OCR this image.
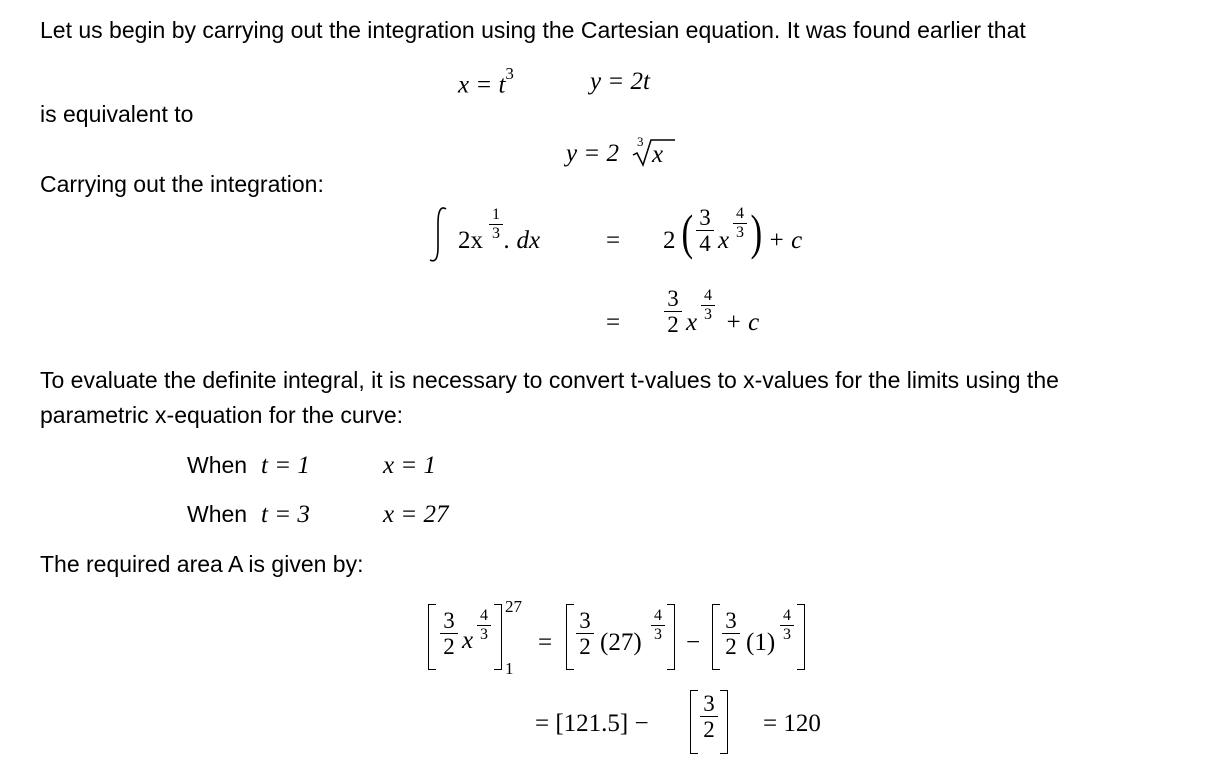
Let us begin by carrying out the integration using the Cartesian equation. It was found earlier that
$x = t^3$	y = 2t
is equivalent to
y = 2 3 x
Carrying out the integration:
2x
1
3 . dx	= 2 ( 3
4 x
4
3 ) + c
=
3
2 x
4
3 + c
To evaluate the definite integral, it is necessary to convert t-values to x-values for the limits using the
parametric x-equation for the curve:
When t = 1	x = 1
When t = 3	x = 27
The required area A is given by:
3
2 x
4
3
27
1
=
3
2 (27)
4
3 −
3
2 (1)
4
3
= [121.5] −
3
2 = 120
